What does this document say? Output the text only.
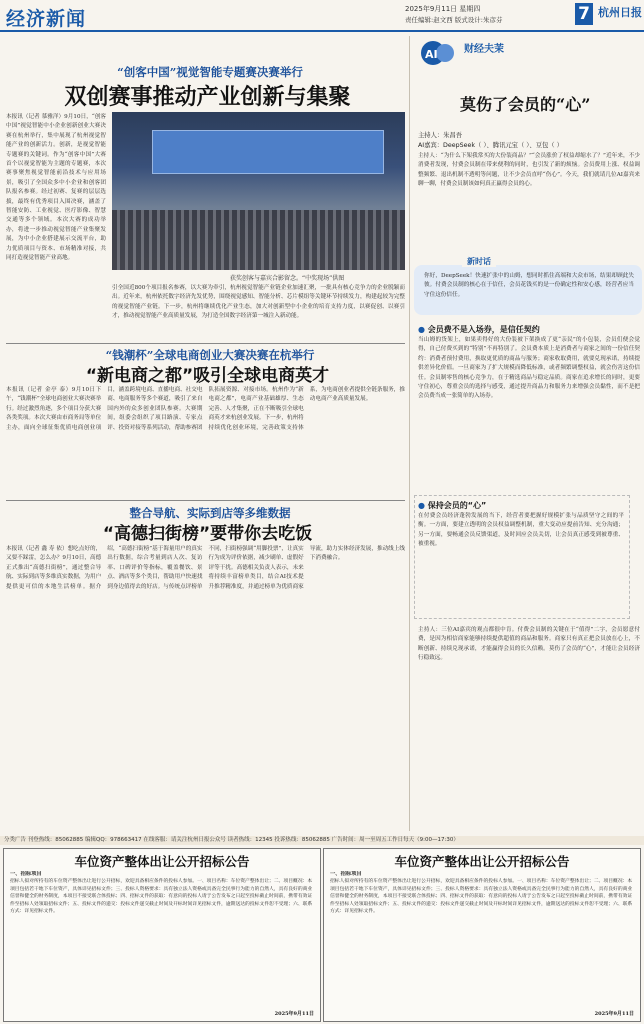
经济新闻	2025年9月11日 星期四
责任编辑:赵文西 版式设计:朱彦芬	7 杭州日报
“创客中国”视觉智能专题赛决赛举行
双创赛事推动产业创新与集聚
本报讯（记者 慕雅洋）9月10日，“创客中国”视觉智能中小企业创新创业大赛决赛在杭州举行，集中展现了杭州视觉智能产业的创新活力。创新，是视觉智能专题赛的关键词。作为“创客中国”大赛首个以视觉智能为主题的专题赛，本次赛事聚焦视觉智能前沿技术与应用场景，吸引了全国众多中小企业和创客团队报名参赛。经过初赛、复赛的层层选拔，最终有优秀项目入围决赛，涵盖了智能安防、工业视觉、医疗影像、智慧交通等多个领域。本次大赛的成功举办，将进一步推动视觉智能产业集聚发展，为中小企业搭建展示交流平台，助力优质项目与资本、市场精准对接，共同打造视觉智能产业高地。
获奖创客与嘉宾合影留念。“中奖现场”供图
引全国近800个项目报名参赛，以大赛为牵引，杭州视觉智能产业链企业加速汇聚，一批具有核心竞争力的企业脱颖而出。近年来，杭州依托数字经济先发优势，围绕视觉感知、智能分析、芯片模组等关键环节持续发力，构建起较为完整的视觉智能产业链。下一步，杭州将继续优化产业生态，加大对创新型中小企业的培育支持力度，以赛促创、以赛引才，推动视觉智能产业高质量发展，为打造全国数字经济第一城注入新动能。
“钱潮杯”全球电商创业大赛决赛在杭举行
“新电商之都”吸引全球电商英才
本报讯（记者 金亭 泰）9月10日下午，“钱潮杯”全球电商创业大赛决赛举行。经过激烈角逐，多个项目分获大赛各类奖项。本次大赛由市商务局等单位主办，面向全球征集优质电商创业项目，涵盖跨境电商、直播电商、社交电商、电商服务等多个赛道，吸引了来自国内外的众多创业团队参赛。大赛期间，组委会组织了项目路演、专家点评、投资对接等系列活动，帮助参赛团队拓展资源、对接市场。杭州作为“新电商之都”，电商产业基础雄厚、生态完善、人才集聚，正在不断吸引全球电商英才来杭创业发展。下一步，杭州将持续优化创业环境，完善政策支持体系，为电商创业者提供全链条服务，推动电商产业高质量发展。
整合导航、实际到店等多维数据
“高德扫街榜”要带你去吃饭
本报讯（记者 鑫 寿 依）想吃点好的，又要不踩雷，怎么办？9月10日，高德正式推出“高德扫街榜”，通过整合导航、实际到店等多维真实数据，为用户提供更可信的本地生活榜单。据介绍，“高德扫街榜”基于海量用户的真实出行数据，综合考量到店人次、复访率、口碑评价等指标，覆盖餐饮、景点、酒店等多个类目，帮助用户快速找到身边值得去的好店。与传统点评榜单不同，扫街榜强调“用脚投票”，让真实行为成为评价依据，减少刷单、虚假好评等干扰。高德相关负责人表示，未来将持续丰富榜单类目，结合AI技术提升推荐精准度，并通过榜单为优质商家导流，助力实体经济发展，推动线上线下消费融合。
AI	财经夫茉
莫伤了会员的“心”
主持人：朱昌吾
AI嘉宾：DeepSeek（ ）、腾讯元宝（ ）、豆包（ ）
主持人：“为什么下架我常买的大份装商品？”“会员涨价了权益却缩水了？”近年来，不少消费者发现，付费会员制在带来便利的同时，也引发了新的烦恼。会员费用上涨、权益调整频繁、退出机制不透明等问题，让不少会员直呼“伤心”。今天，我们就请几位AI嘉宾来聊一聊，付费会员制该如何真正赢得会员的心。
新时话
你好，DeepSeek！快速扩张中的山姆，想同时抓住高端和大众市场，结果却顾此失彼。付费会员制的核心在于信任，会员花钱买的是一份确定性和安心感，经营者应当守住这份信任。
● 会员费不是入场券，是信任契约
当山姆的货架上，如果卖得好的大份装被下架换成了更“亲民”的小包装，会员们便会觉得，自己付费买到的“特别”不再特别了。会员费本质上是消费者与商家之间的一份信任契约：消费者预付费用，换取更优质的商品与服务；商家收取费用，就要兑现承诺，持续提供差异化价值。一旦商家为了扩大规模而降低标准，或者频繁调整权益，就会伤害这份信任。会员制零售的核心竞争力，在于精选商品与稳定品质。商家在追求增长的同时，更要守住初心，尊重会员的选择与感受，通过提升商品力和服务力来增强会员黏性，而不是把会员费当成一张简单的入场券。
● 保持会员的“心”
在付费会员经济蓬勃发展的当下，经营者要把握好规模扩张与品质坚守之间的平衡。一方面，要建立透明的会员权益调整机制，重大变动应提前告知、充分沟通；另一方面，要畅通会员反馈渠道，及时回应会员关切，让会员真正感受到被尊重、被重视。
主持人：三位AI嘉宾的观点都很中肯。付费会员制的关键在于“值得”二字，会员愿意付费，是因为相信商家能够持续提供超值的商品和服务。商家只有真正把会员放在心上，不断创新、持续兑现承诺，才能赢得会员的长久信赖。莫伤了会员的“心”，才能让会员经济行稳致远。
分类广告 刊登热线：85062885 编辑QQ：978663417 在线客服：请关注杭州日报公众号 读者热线：12345 投诉热线：85062885 广告时间：周一至周五工作日每天（9:00—17:30）
车位资产整体出让公开招标公告
一、招标项目
招标人拟对所持有的车位资产整体出让进行公开招标，欢迎具备相应条件的投标人参加。一、项目名称：车位资产整体出让；二、项目概况：本项目包括若干地下车位资产，具体详见招标文件；三、投标人资格要求：具有独立法人资格或具备完全民事行为能力的自然人，具有良好的商业信誉和健全的财务制度，本项目不接受联合体投标；四、招标文件的获取：有意向的投标人请于公告发布之日起至投标截止时间前，携带有效证件至招标人处领取招标文件；五、投标文件的递交：投标文件递交截止时间及开标时间详见招标文件，逾期送达的投标文件恕不受理；六、联系方式：详见招标文件。
2025年9月11日
车位资产整体出让公开招标公告
一、招标项目
招标人拟对所持有的车位资产整体出让进行公开招标，欢迎具备相应条件的投标人参加。一、项目名称：车位资产整体出让；二、项目概况：本项目包括若干地下车位资产，具体详见招标文件；三、投标人资格要求：具有独立法人资格或具备完全民事行为能力的自然人，具有良好的商业信誉和健全的财务制度，本项目不接受联合体投标；四、招标文件的获取：有意向的投标人请于公告发布之日起至投标截止时间前，携带有效证件至招标人处领取招标文件；五、投标文件的递交：投标文件递交截止时间及开标时间详见招标文件，逾期送达的投标文件恕不受理；六、联系方式：详见招标文件。
2025年9月11日
